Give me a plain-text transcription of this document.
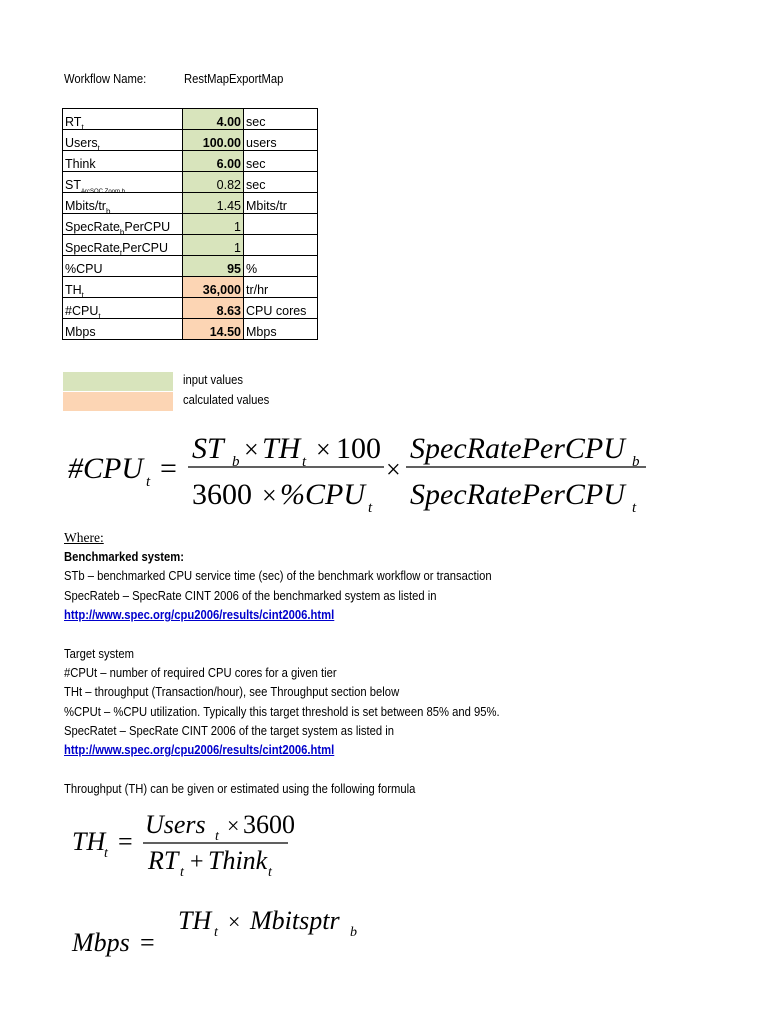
Workflow Name:	RestMapExportMap
$RT_t$	4.00	sec
Users$_t$	100.00	users
Think	6.00	sec
$ST_{ArcSOC Zoom b}$	0.82	sec
Mbits/$tr_b$	1.45	Mbits/tr
SpecRate$_b$PerCPU	1	
SpecRate$_t$PerCPU	1	
%CPU	95	%
$TH_t$	36,000	tr/hr
$\#CPU_t$	8.63	CPU cores
Mbps	14.50	Mbps
input values
calculated values
#CPU t =
ST b × TH t × 100
3600 × %CPU t
×
SpecRatePerCPU b
SpecRatePerCPU t
Where:
Benchmarked system:
STb – benchmarked CPU service time (sec) of the benchmark workflow or transaction
SpecRateb – SpecRate CINT 2006 of the benchmarked system as listed in
http://www.spec.org/cpu2006/results/cint2006.html
Target system
#CPUt – number of required CPU cores for a given tier
THt – throughput (Transaction/hour), see Throughput section below
%CPUt – %CPU utilization. Typically this target threshold is set between 85% and 95%.
SpecRatet – SpecRate CINT 2006 of the target system as listed in
http://www.spec.org/cpu2006/results/cint2006.html
Throughput (TH) can be given or estimated using the following formula
TH
t =
Users t × 3600
RT t + Think t
TH t × Mbitsptr b
Mbps =
